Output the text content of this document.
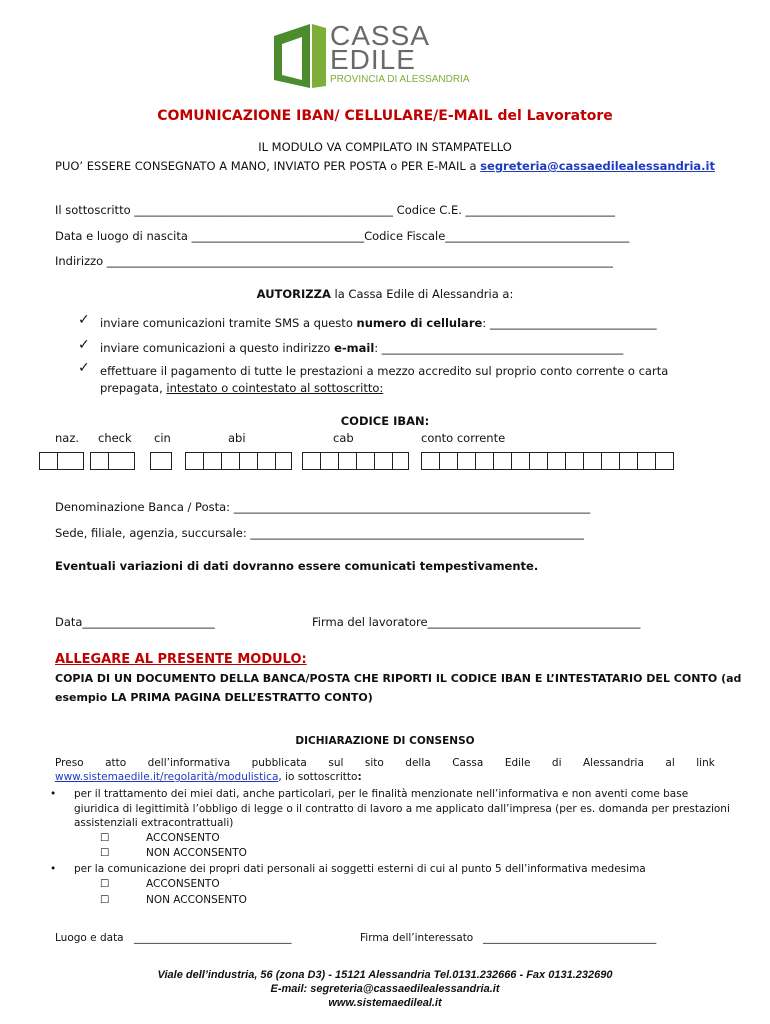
CASSA
EDILE
PROVINCIA DI ALESSANDRIA
COMUNICAZIONE IBAN/ CELLULARE/E-MAIL del Lavoratore
IL MODULO VA COMPILATO IN STAMPATELLO
PUO’ ESSERE CONSEGNATO A MANO, INVIATO PER POSTA o PER E-MAIL a segreteria@cassaedilealessandria.it
Il sottoscritto _____________________________________________ Codice C.E. __________________________
Data e luogo di nascita ______________________________Codice Fiscale________________________________
Indirizzo ________________________________________________________________________________________
AUTORIZZA la Cassa Edile di Alessandria a:
✓ inviare comunicazioni tramite SMS a questo numero di cellulare: _____________________________
✓ inviare comunicazioni a questo indirizzo e-mail: __________________________________________
✓ effettuare il pagamento di tutte le prestazioni a mezzo accredito sul proprio conto corrente o carta
prepagata, intestato o cointestato al sottoscritto:
CODICE IBAN:
naz. check cin	abi	cab	conto corrente
Denominazione Banca / Posta: ______________________________________________________________
Sede, filiale, agenzia, succursale: __________________________________________________________
Eventuali variazioni di dati dovranno essere comunicati tempestivamente.
Data_______________________	Firma del lavoratore_____________________________________
ALLEGARE AL PRESENTE MODULO:
COPIA DI UN DOCUMENTO DELLA BANCA/POSTA CHE RIPORTI IL CODICE IBAN E L’INTESTATARIO DEL CONTO (ad
esempio LA PRIMA PAGINA DELL’ESTRATTO CONTO)
DICHIARAZIONE DI CONSENSO
Preso atto dell’informativa pubblicata sul sito della Cassa Edile di Alessandria al link
www.sistemaedile.it/regolarità/modulistica, io sottoscritto:
• per il trattamento dei miei dati, anche particolari, per le finalità menzionate nell’informativa e non aventi come base
giuridica di legittimità l’obbligo di legge o il contratto di lavoro a me applicato dall’impresa (per es. domanda per prestazioni
assistenziali extracontrattuali)
☐	ACCONSENTO
☐	NON ACCONSENTO
• per la comunicazione dei propri dati personali ai soggetti esterni di cui al punto 5 dell’informativa medesima
☐	ACCONSENTO
☐	NON ACCONSENTO
Luogo e data ______________________________	Firma dell’interessato _________________________________
Viale dell’industria, 56 (zona D3) - 15121 Alessandria Tel.0131.232666 - Fax 0131.232690
E-mail: segreteria@cassaedilealessandria.it
www.sistemaedileal.it
